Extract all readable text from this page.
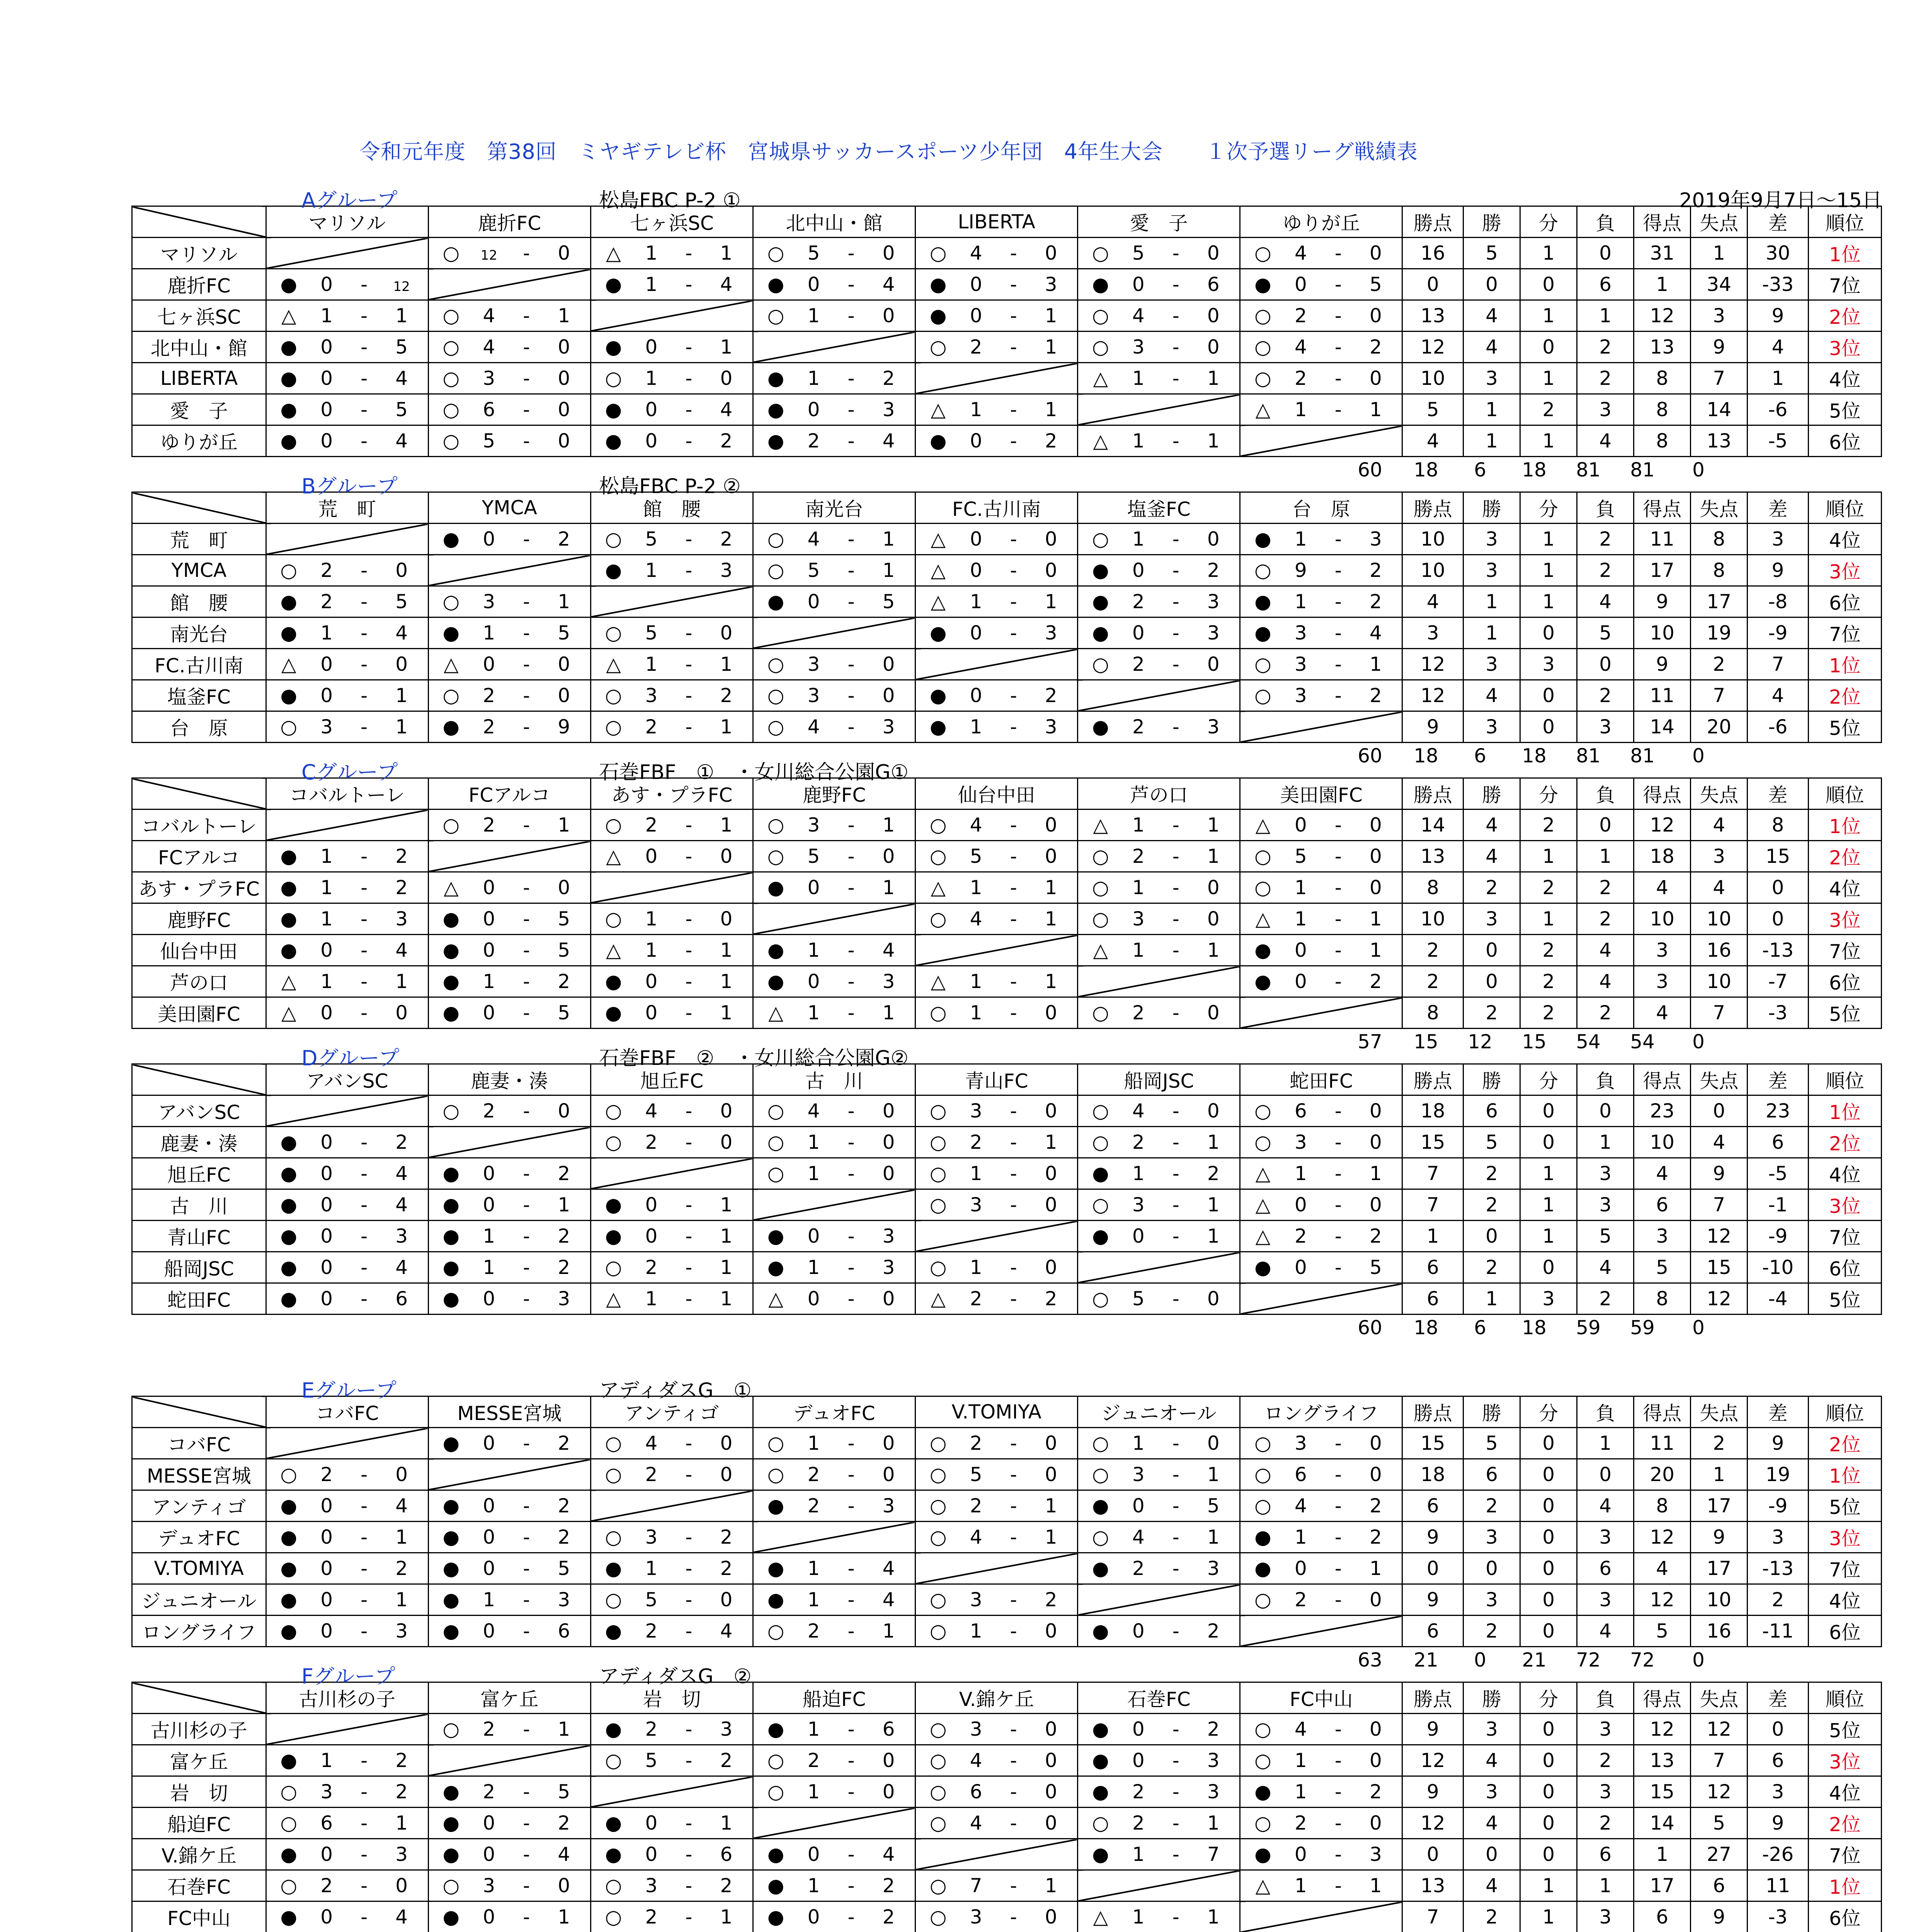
令和元年度　第38回　ミヤギテレビ杯　宮城県サッカースポーツ少年団　4年生大会　　１次予選リーグ戦績表
Aグループ	松島FBC P-2 ①	2019年9月7日～15日
	マリソル	鹿折FC	七ヶ浜SC	北中山・館	LIBERTA	愛　子	ゆりが丘	勝点	勝	分	負	得点	失点	差	順位
マリソル		○ 12 - 0	△ 1 - 1	○ 5 - 0	○ 4 - 0	○ 5 - 0	○ 4 - 0	16	5	1	0	31	1	30	1位
鹿折FC	● 0 - 12		● 1 - 4	● 0 - 4	● 0 - 3	● 0 - 6	● 0 - 5	0	0	0	6	1	34	-33	7位
七ヶ浜SC	△ 1 - 1	○ 4 - 1		○ 1 - 0	● 0 - 1	○ 4 - 0	○ 2 - 0	13	4	1	1	12	3	9	2位
北中山・館	● 0 - 5	○ 4 - 0	● 0 - 1		○ 2 - 1	○ 3 - 0	○ 4 - 2	12	4	0	2	13	9	4	3位
LIBERTA	● 0 - 4	○ 3 - 0	○ 1 - 0	● 1 - 2		△ 1 - 1	○ 2 - 0	10	3	1	2	8	7	1	4位
愛　子	● 0 - 5	○ 6 - 0	● 0 - 4	● 0 - 3	△ 1 - 1		△ 1 - 1	5	1	2	3	8	14	-6	5位
ゆりが丘	● 0 - 4	○ 5 - 0	● 0 - 2	● 2 - 4	● 0 - 2	△ 1 - 1		4	1	1	4	8	13	-5	6位
60	18	6	18	81	81	0
Bグループ	松島FBC P-2 ②
	荒　町	YMCA	館　腰	南光台	FC.古川南	塩釜FC	台　原	勝点	勝	分	負	得点	失点	差	順位
荒　町		● 0 - 2	○ 5 - 2	○ 4 - 1	△ 0 - 0	○ 1 - 0	● 1 - 3	10	3	1	2	11	8	3	4位
YMCA	○ 2 - 0		● 1 - 3	○ 5 - 1	△ 0 - 0	● 0 - 2	○ 9 - 2	10	3	1	2	17	8	9	3位
館　腰	● 2 - 5	○ 3 - 1		● 0 - 5	△ 1 - 1	● 2 - 3	● 1 - 2	4	1	1	4	9	17	-8	6位
南光台	● 1 - 4	● 1 - 5	○ 5 - 0		● 0 - 3	● 0 - 3	● 3 - 4	3	1	0	5	10	19	-9	7位
FC.古川南	△ 0 - 0	△ 0 - 0	△ 1 - 1	○ 3 - 0		○ 2 - 0	○ 3 - 1	12	3	3	0	9	2	7	1位
塩釜FC	● 0 - 1	○ 2 - 0	○ 3 - 2	○ 3 - 0	● 0 - 2		○ 3 - 2	12	4	0	2	11	7	4	2位
台　原	○ 3 - 1	● 2 - 9	○ 2 - 1	○ 4 - 3	● 1 - 3	● 2 - 3		9	3	0	3	14	20	-6	5位
60	18	6	18	81	81	0
Cグループ	石巻FBF　①　・女川総合公園G①
	コバルトーレ	FCアルコ	あす・プラFC	鹿野FC	仙台中田	芦の口	美田園FC	勝点	勝	分	負	得点	失点	差	順位
コバルトーレ		○ 2 - 1	○ 2 - 1	○ 3 - 1	○ 4 - 0	△ 1 - 1	△ 0 - 0	14	4	2	0	12	4	8	1位
FCアルコ	● 1 - 2		△ 0 - 0	○ 5 - 0	○ 5 - 0	○ 2 - 1	○ 5 - 0	13	4	1	1	18	3	15	2位
あす・プラFC	● 1 - 2	△ 0 - 0		● 0 - 1	△ 1 - 1	○ 1 - 0	○ 1 - 0	8	2	2	2	4	4	0	4位
鹿野FC	● 1 - 3	● 0 - 5	○ 1 - 0		○ 4 - 1	○ 3 - 0	△ 1 - 1	10	3	1	2	10	10	0	3位
仙台中田	● 0 - 4	● 0 - 5	△ 1 - 1	● 1 - 4		△ 1 - 1	● 0 - 1	2	0	2	4	3	16	-13	7位
芦の口	△ 1 - 1	● 1 - 2	● 0 - 1	● 0 - 3	△ 1 - 1		● 0 - 2	2	0	2	4	3	10	-7	6位
美田園FC	△ 0 - 0	● 0 - 5	● 0 - 1	△ 1 - 1	○ 1 - 0	○ 2 - 0		8	2	2	2	4	7	-3	5位
57	15	12	15	54	54	0
Dグループ	石巻FBF　②　・女川総合公園G②
	アバンSC	鹿妻・湊	旭丘FC	古　川	青山FC	船岡JSC	蛇田FC	勝点	勝	分	負	得点	失点	差	順位
アバンSC		○ 2 - 0	○ 4 - 0	○ 4 - 0	○ 3 - 0	○ 4 - 0	○ 6 - 0	18	6	0	0	23	0	23	1位
鹿妻・湊	● 0 - 2		○ 2 - 0	○ 1 - 0	○ 2 - 1	○ 2 - 1	○ 3 - 0	15	5	0	1	10	4	6	2位
旭丘FC	● 0 - 4	● 0 - 2		○ 1 - 0	○ 1 - 0	● 1 - 2	△ 1 - 1	7	2	1	3	4	9	-5	4位
古　川	● 0 - 4	● 0 - 1	● 0 - 1		○ 3 - 0	○ 3 - 1	△ 0 - 0	7	2	1	3	6	7	-1	3位
青山FC	● 0 - 3	● 1 - 2	● 0 - 1	● 0 - 3		● 0 - 1	△ 2 - 2	1	0	1	5	3	12	-9	7位
船岡JSC	● 0 - 4	● 1 - 2	○ 2 - 1	● 1 - 3	○ 1 - 0		● 0 - 5	6	2	0	4	5	15	-10	6位
蛇田FC	● 0 - 6	● 0 - 3	△ 1 - 1	△ 0 - 0	△ 2 - 2	○ 5 - 0		6	1	3	2	8	12	-4	5位
60	18	6	18	59	59	0
Eグループ	アディダスG　①
	コバFC	MESSE宮城	アンティゴ	デュオFC	V.TOMIYA	ジュニオール	ロングライフ	勝点	勝	分	負	得点	失点	差	順位
コバFC		● 0 - 2	○ 4 - 0	○ 1 - 0	○ 2 - 0	○ 1 - 0	○ 3 - 0	15	5	0	1	11	2	9	2位
MESSE宮城	○ 2 - 0		○ 2 - 0	○ 2 - 0	○ 5 - 0	○ 3 - 1	○ 6 - 0	18	6	0	0	20	1	19	1位
アンティゴ	● 0 - 4	● 0 - 2		● 2 - 3	○ 2 - 1	● 0 - 5	○ 4 - 2	6	2	0	4	8	17	-9	5位
デュオFC	● 0 - 1	● 0 - 2	○ 3 - 2		○ 4 - 1	○ 4 - 1	● 1 - 2	9	3	0	3	12	9	3	3位
V.TOMIYA	● 0 - 2	● 0 - 5	● 1 - 2	● 1 - 4		● 2 - 3	● 0 - 1	0	0	0	6	4	17	-13	7位
ジュニオール	● 0 - 1	● 1 - 3	○ 5 - 0	● 1 - 4	○ 3 - 2		○ 2 - 0	9	3	0	3	12	10	2	4位
ロングライフ	● 0 - 3	● 0 - 6	● 2 - 4	○ 2 - 1	○ 1 - 0	● 0 - 2		6	2	0	4	5	16	-11	6位
63	21	0	21	72	72	0
Fグループ	アディダスG　②
	古川杉の子	富ケ丘	岩　切	船迫FC	V.錦ケ丘	石巻FC	FC中山	勝点	勝	分	負	得点	失点	差	順位
古川杉の子		○ 2 - 1	● 2 - 3	● 1 - 6	○ 3 - 0	● 0 - 2	○ 4 - 0	9	3	0	3	12	12	0	5位
富ケ丘	● 1 - 2		○ 5 - 2	○ 2 - 0	○ 4 - 0	● 0 - 3	○ 1 - 0	12	4	0	2	13	7	6	3位
岩　切	○ 3 - 2	● 2 - 5		○ 1 - 0	○ 6 - 0	● 2 - 3	● 1 - 2	9	3	0	3	15	12	3	4位
船迫FC	○ 6 - 1	● 0 - 2	● 0 - 1		○ 4 - 0	○ 2 - 1	○ 2 - 0	12	4	0	2	14	5	9	2位
V.錦ケ丘	● 0 - 3	● 0 - 4	● 0 - 6	● 0 - 4		● 1 - 7	● 0 - 3	0	0	0	6	1	27	-26	7位
石巻FC	○ 2 - 0	○ 3 - 0	○ 3 - 2	● 1 - 2	○ 7 - 1		△ 1 - 1	13	4	1	1	17	6	11	1位
FC中山	● 0 - 4	● 0 - 1	○ 2 - 1	● 0 - 2	○ 3 - 0	△ 1 - 1		7	2	1	3	6	9	-3	6位
